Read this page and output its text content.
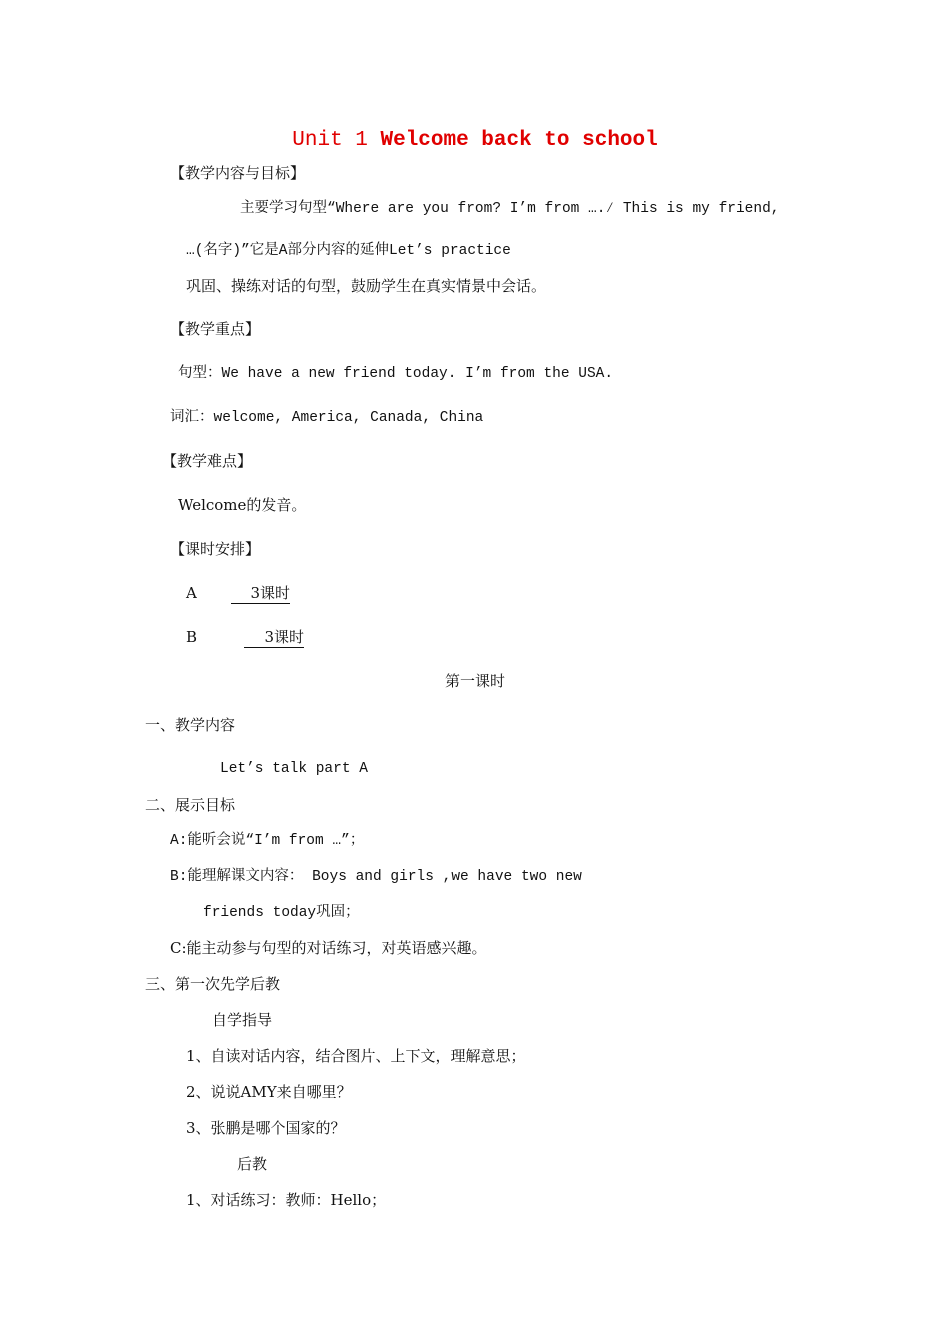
Unit 1 Welcome back to school
【教学内容与目标】
主要学习句型“Where are you from? I’m from ….∕ This is my friend,
…(名字)”它是A部分内容的延伸Let’s practice
巩固、操练对话的句型，鼓励学生在真实情景中会话。
【教学重点】
句型：We have a new friend today. I’m from the USA.
词汇：welcome, America, Canada, China
【教学难点】
Welcome的发音。
【课时安排】
A	3课时
B	3课时
第一课时
一、教学内容
Let’s talk part A
二、展示目标
A:能听会说“I’m from …”；
B:能理解课文内容： Boys and girls ,we have two new
friends today巩固；
C:能主动参与句型的对话练习，对英语感兴趣。
三、第一次先学后教
自学指导
1、自读对话内容，结合图片、上下文，理解意思；
2、说说AMY来自哪里？
3、张鹏是哪个国家的？
后教
1、对话练习：教师：Hello；
